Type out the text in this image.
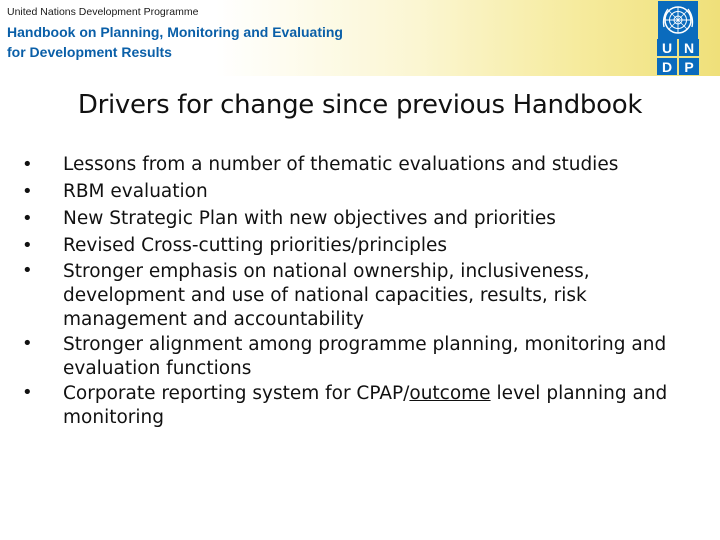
United Nations Development Programme
Handbook on Planning, Monitoring and Evaluating
for Development Results	U N
D P
Drivers for change since previous Handbook
• Lessons from a number of thematic evaluations and studies
• RBM evaluation
• New Strategic Plan with new objectives and priorities
• Revised Cross-cutting priorities/principles
• Stronger emphasis on national ownership, inclusiveness, development and use of national capacities, results, risk management and accountability
• Stronger alignment among programme planning, monitoring and evaluation functions
• Corporate reporting system for CPAP/outcome level planning and monitoring
